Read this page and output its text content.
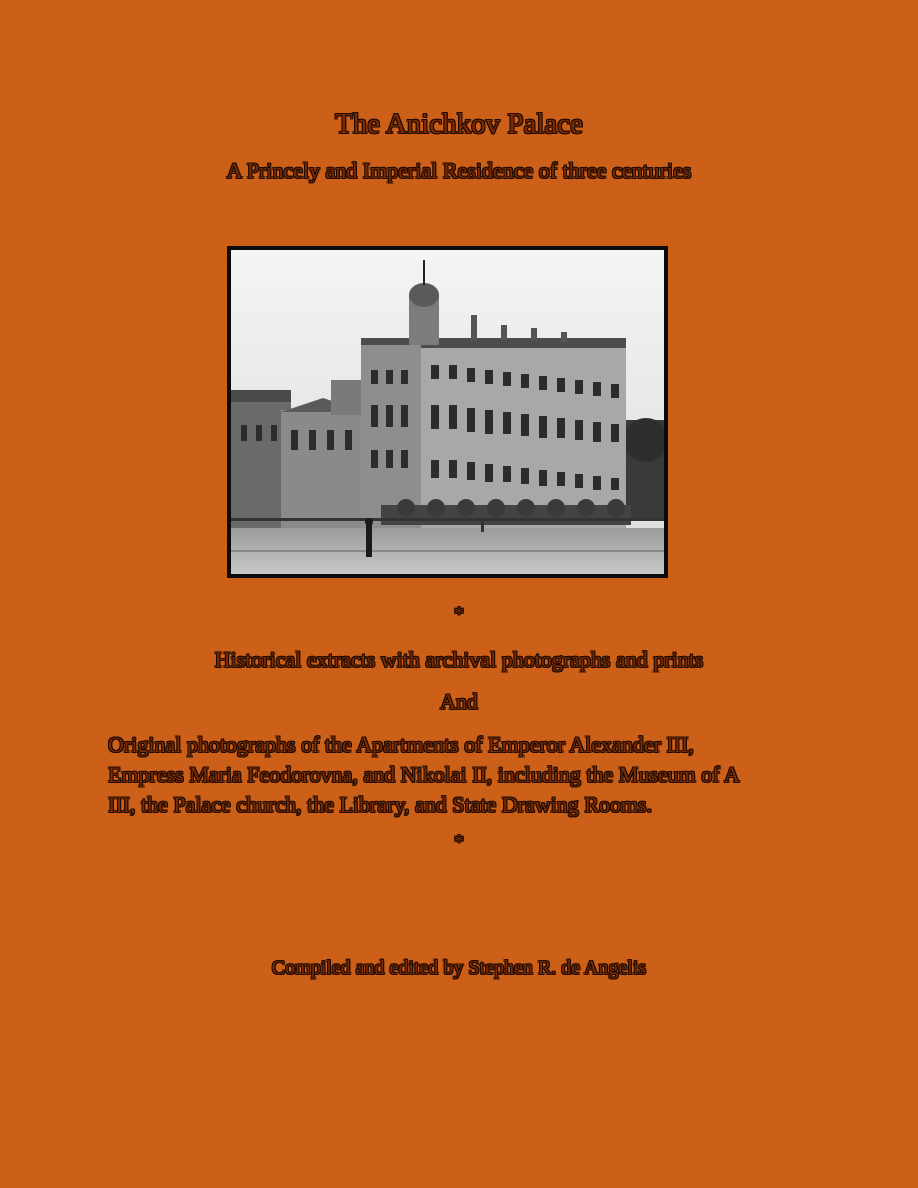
The Anichkov Palace
A Princely and Imperial Residence of three centuries
*
Historical extracts with archival photographs and prints
And
Original photographs of the Apartments of Emperor Alexander III,
Empress Maria Feodorovna, and Nikolai II, including the Museum of A
III, the Palace church, the Library, and State Drawing Rooms.
*
Compiled and edited by Stephen R. de Angelis
